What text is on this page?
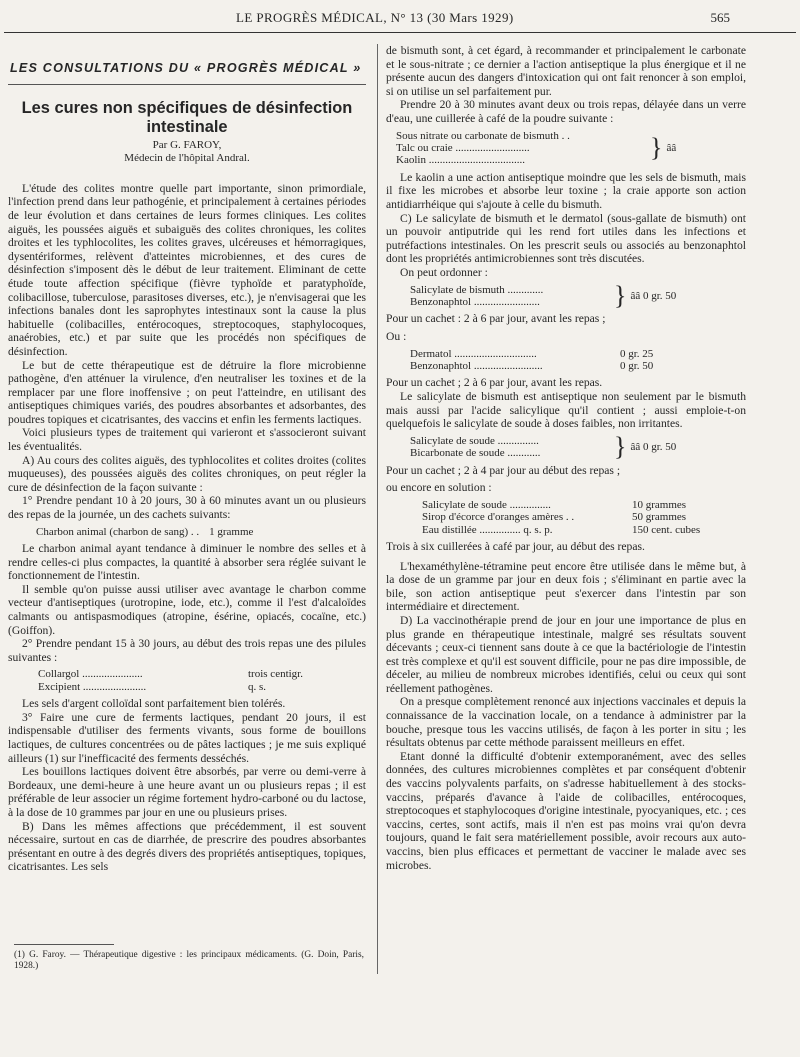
LE PROGRÈS MÉDICAL, N° 13 (30 Mars 1929)	565
LES CONSULTATIONS DU « PROGRÈS MÉDICAL »
Les cures non spécifiques de désinfection intestinale
Par G. FAROY,
Médecin de l'hôpital Andral.

L'étude des colites montre quelle part importante, sinon primordiale, l'infection prend dans leur pathogénie, et principalement à certaines périodes de leur évolution et dans certaines de leurs formes cliniques. Les colites aiguës, les poussées aiguës et subaiguës des colites chroniques, les colites droites et les typhlocolites, les colites graves, ulcéreuses et hémorragiques, dysentériformes, relèvent d'atteintes microbiennes, et des cures de désinfection s'imposent dès le début de leur traitement. Eliminant de cette étude toute affection spécifique (fièvre typhoïde et paratyphoïde, colibacillose, tuberculose, parasitoses diverses, etc.), je n'envisagerai que les infections banales dont les saprophytes intestinaux sont la cause la plus habituelle (colibacilles, entérocoques, streptocoques, staphylocoques, anaérobies, etc.) et par suite que les procédés non spécifiques de désinfection.

Le but de cette thérapeutique est de détruire la flore microbienne pathogène, d'en atténuer la virulence, d'en neutraliser les toxines et de la remplacer par une flore inoffensive ; on peut l'atteindre, en utilisant des antiseptiques chimiques variés, des poudres absorbantes et adsorbantes, des poudres topiques et cicatrisantes, des vaccins et enfin les ferments lactiques.

Voici plusieurs types de traitement qui varieront et s'associeront suivant les éventualités.

A) Au cours des colites aiguës, des typhlocolites et colites droites (colites muqueuses), des poussées aiguës des colites chroniques, on peut régler la cure de désinfection de la façon suivante :

1° Prendre pendant 10 à 20 jours, 30 à 60 minutes avant un ou plusieurs des repas de la journée, un des cachets suivants:

Charbon animal (charbon de sang) . . 1 gramme

Le charbon animal ayant tendance à diminuer le nombre des selles et à rendre celles-ci plus compactes, la quantité à absorber sera réglée suivant le fonctionnement de l'intestin.

Il semble qu'on puisse aussi utiliser avec avantage le charbon comme vecteur d'antiseptiques (urotropine, iode, etc.), comme il l'est d'alcaloïdes calmants ou antispasmodiques (atropine, ésérine, opiacés, cocaïne, etc.) (Goiffon).

2° Prendre pendant 15 à 30 jours, au début des trois repas une des pilules suivantes :

Collargol ......................	trois centigr.
Excipient .......................	q. s.

Les sels d'argent colloïdal sont parfaitement bien tolérés.

3° Faire une cure de ferments lactiques, pendant 20 jours, il est indispensable d'utiliser des ferments vivants, sous forme de bouillons lactiques, de cultures concentrées ou de pâtes lactiques ; je me suis expliqué ailleurs (1) sur l'inefficacité des ferments desséchés.

Les bouillons lactiques doivent être absorbés, par verre ou demi-verre à Bordeaux, une demi-heure à une heure avant un ou plusieurs repas ; il est préférable de leur associer un régime fortement hydro-carboné ou du lactose, à la dose de 10 grammes par jour en une ou plusieurs prises.

B) Dans les mêmes affections que précédemment, il est souvent nécessaire, surtout en cas de diarrhée, de prescrire des poudres absorbantes présentant en outre à des degrés divers des propriétés antiseptiques, topiques, cicatrisantes. Les sels

(1) G. Faroy. — Thérapeutique digestive : les principaux médicaments. (G. Doin, Paris, 1928.)

de bismuth sont, à cet égard, à recommander et principalement le carbonate et le sous-nitrate ; ce dernier a l'action antiseptique la plus énergique et il ne présente aucun des dangers d'intoxication qui ont fait renoncer à son emploi, si on utilise un sel parfaitement pur.

Prendre 20 à 30 minutes avant deux ou trois repas, délayée dans un verre d'eau, une cuillerée à café de la poudre suivante :

Sous nitrate ou carbonate de bismuth . .
Talc ou craie ...........................
Kaolin ...................................	} ââ

Le kaolin a une action antiseptique moindre que les sels de bismuth, mais il fixe les microbes et absorbe leur toxine ; la craie apporte son action antidiarrhéique qui s'ajoute à celle du bismuth.

C) Le salicylate de bismuth et le dermatol (sous-gallate de bismuth) ont un pouvoir antiputride qui les rend fort utiles dans les infections et putréfactions intestinales. On les prescrit seuls ou associés au benzonaphtol dont les propriétés antimicrobiennes sont très discutées.

On peut ordonner :

Salicylate de bismuth .............
Benzonaphtol ........................	} ââ 0 gr. 50

Pour un cachet : 2 à 6 par jour, avant les repas ;

Ou :

Dermatol ..............................	0 gr. 25
Benzonaphtol .........................	0 gr. 50

Pour un cachet ; 2 à 6 par jour, avant les repas.

Le salicylate de bismuth est antiseptique non seulement par le bismuth mais aussi par l'acide salicylique qu'il contient ; aussi emploie-t-on quelquefois le salicylate de soude à doses faibles, non irritantes.

Salicylate de soude ...............
Bicarbonate de soude ............	} ââ 0 gr. 50

Pour un cachet ; 2 à 4 par jour au début des repas ;

ou encore en solution :

Salicylate de soude ...............	10 grammes
Sirop d'écorce d'oranges amères . .	50 grammes
Eau distillée ............... q. s. p.	150 cent. cubes

Trois à six cuillerées à café par jour, au début des repas.

L'hexaméthylène-tétramine peut encore être utilisée dans le même but, à la dose de un gramme par jour en deux fois ; s'éliminant en partie avec la bile, son action antiseptique peut s'exercer dans l'intestin par son intermédiaire et directement.

D) La vaccinothérapie prend de jour en jour une importance de plus en plus grande en thérapeutique intestinale, malgré ses résultats souvent décevants ; ceux-ci tiennent sans doute à ce que la bactériologie de l'intestin est très complexe et qu'il est souvent difficile, pour ne pas dire impossible, de déceler, au milieu de nombreux microbes identifiés, celui ou ceux qui sont réellement pathogènes.

On a presque complètement renoncé aux injections vaccinales et depuis la connaissance de la vaccination locale, on a tendance à administrer par la bouche, presque tous les vaccins utilisés, de façon à les porter in situ ; les résultats obtenus par cette méthode paraissent meilleurs en effet.

Etant donné la difficulté d'obtenir extemporanément, avec des selles données, des cultures microbiennes complètes et par conséquent d'obtenir des vaccins polyvalents parfaits, on s'adresse habituellement à des stocks-vaccins, préparés d'avance à l'aide de colibacilles, entérocoques, streptocoques et staphylocoques d'origine intestinale, pyocyaniques, etc. ; ces vaccins, certes, sont actifs, mais il n'en est pas moins vrai qu'on devra toujours, quand le fait sera matériellement possible, avoir recours aux auto-vaccins, bien plus efficaces et permettant de vacciner le malade avec ses microbes.
